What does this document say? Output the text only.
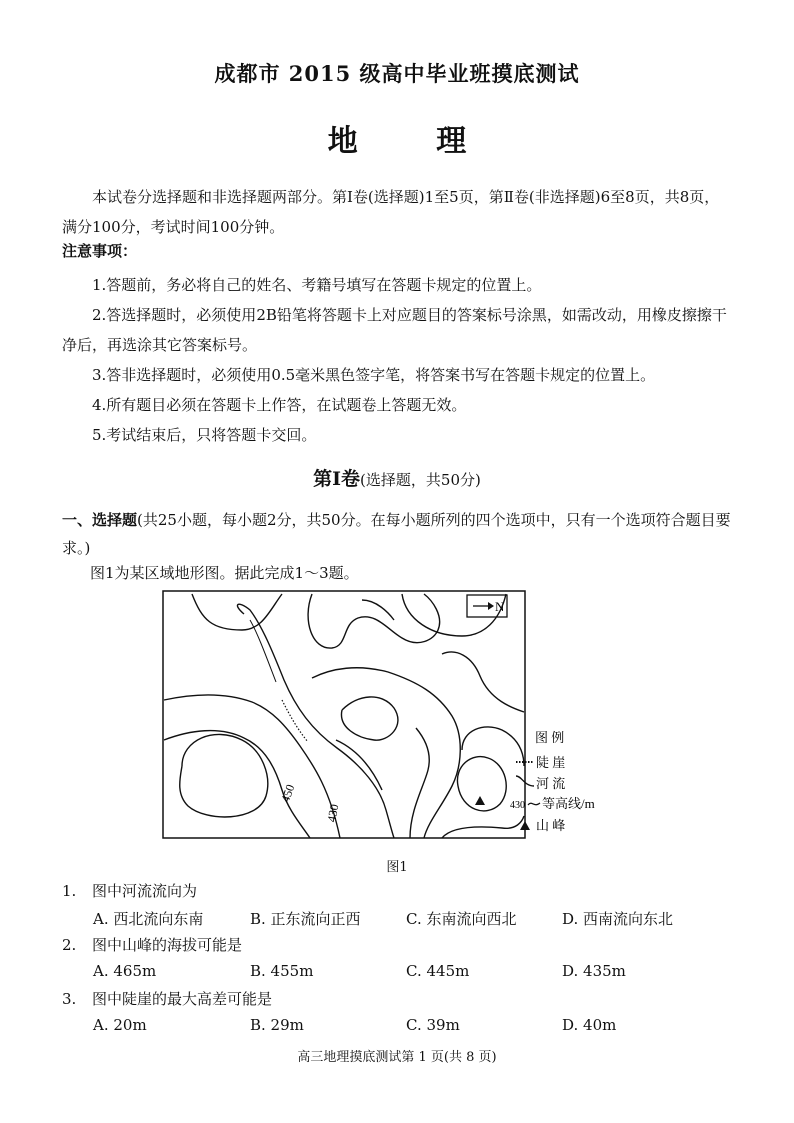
成都市 2015 级高中毕业班摸底测试
地 理
本试卷分选择题和非选择题两部分。第Ⅰ卷(选择题)1至5页，第Ⅱ卷(非选择题)6至8页，共8页，满分100分，考试时间100分钟。
注意事项：
1.答题前，务必将自己的姓名、考籍号填写在答题卡规定的位置上。
2.答选择题时，必须使用2B铅笔将答题卡上对应题目的答案标号涂黑，如需改动，用橡皮擦擦干净后，再选涂其它答案标号。
3.答非选择题时，必须使用0.5毫米黑色签字笔，将答案书写在答题卡规定的位置上。
4.所有题目必须在答题卡上作答，在试题卷上答题无效。
5.考试结束后，只将答题卡交回。
第Ⅰ卷(选择题，共50分)
一、选择题(共25小题，每小题2分，共50分。在每小题所列的四个选项中，只有一个选项符合题目要求。)
图1为某区域地形图。据此完成1～3题。
N
450
430
图 例
陡 崖
河 流
430 等高线/m
山 峰
图1
1. 图中河流流向为
A. 西北流向东南	B. 正东流向正西	C. 东南流向西北	D. 西南流向东北
2. 图中山峰的海拔可能是
A. 465m	B. 455m	C. 445m	D. 435m
3. 图中陡崖的最大高差可能是
A. 20m	B. 29m	C. 39m	D. 40m
高三地理摸底测试第 1 页(共 8 页)
